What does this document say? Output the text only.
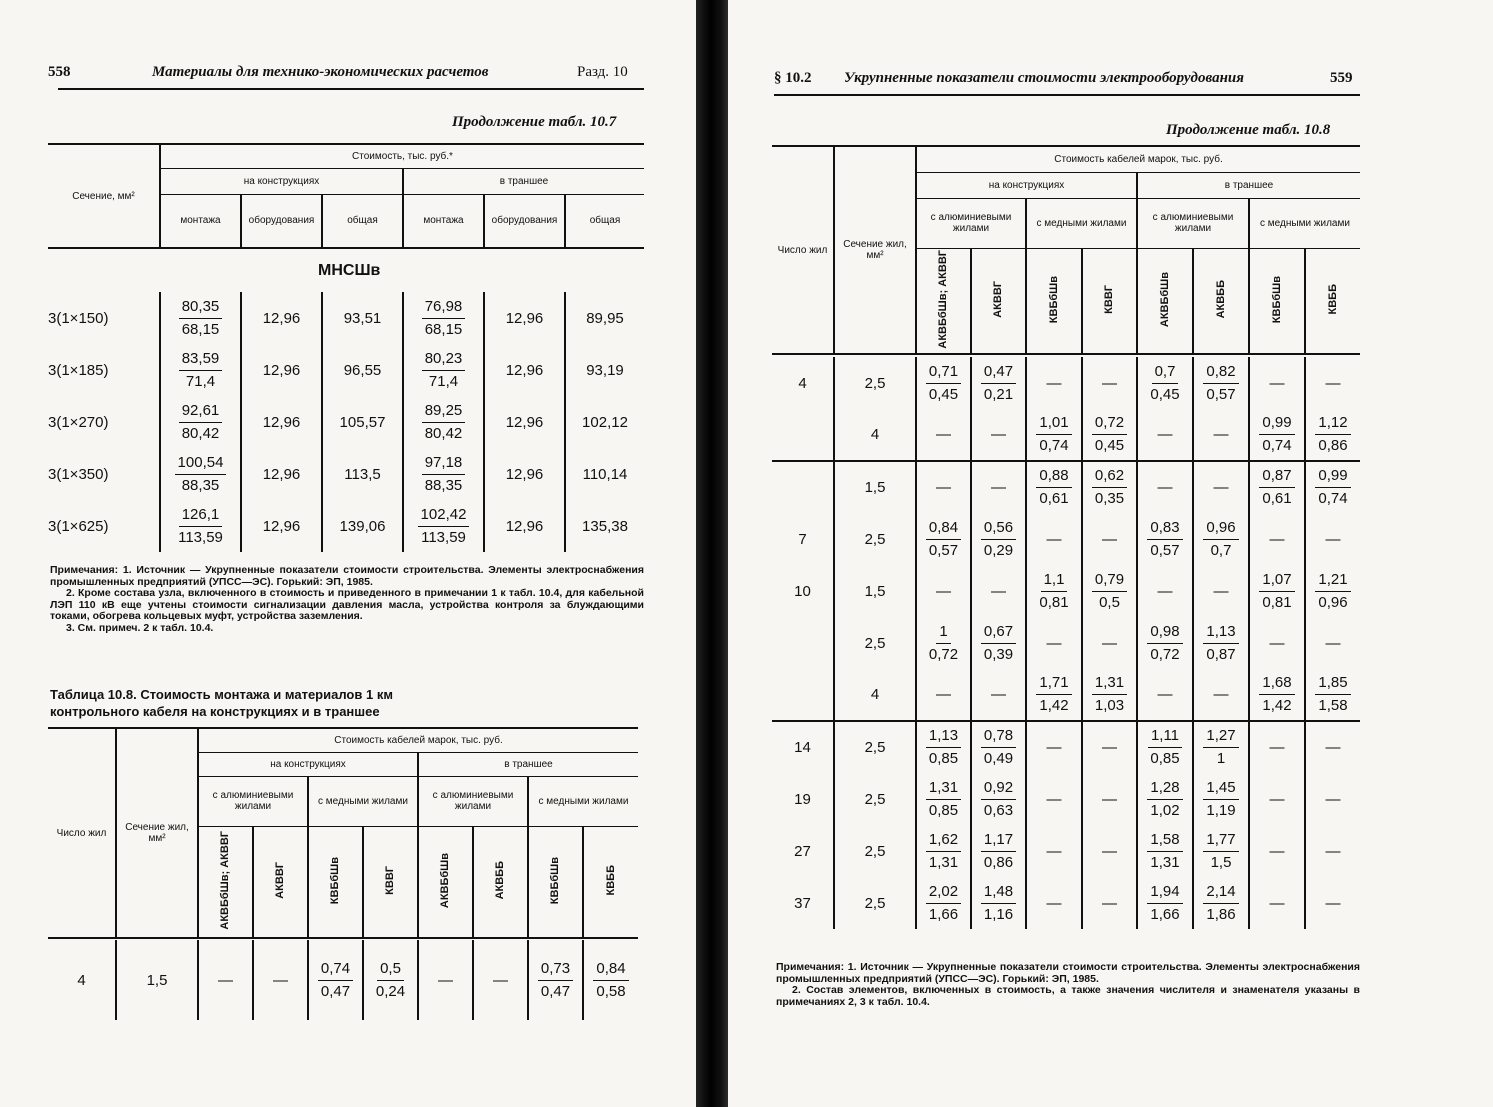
558	Материалы для технико-экономических расчетов	Разд. 10
Продолжение табл. 10.7
Сечение, мм²	Стоимость, тыс. руб.*					
	на конструкциях			в траншее		
	монтажа	оборудования	общая	монтажа	оборудования	общая
МНСШв
3(1×150)	$\frac{80,35}{68,15}$	12,96	93,51	$\frac{76,98}{68,15}$	12,96	89,95
3(1×185)	$\frac{83,59}{71,4}$	12,96	96,55	$\frac{80,23}{71,4}$	12,96	93,19
3(1×270)	$\frac{92,61}{80,42}$	12,96	105,57	$\frac{89,25}{80,42}$	12,96	102,12
3(1×350)	$\frac{100,54}{88,35}$	12,96	113,5	$\frac{97,18}{88,35}$	12,96	110,14
3(1×625)	$\frac{126,1}{113,59}$	12,96	139,06	$\frac{102,42}{113,59}$	12,96	135,38
Примечания: 1. Источник — Укрупненные показатели стоимости строительства. Элементы электроснабжения промышленных предприятий (УПСС—ЭС). Горький: ЭП, 1985.
2. Кроме состава узла, включенного в стоимость и приведенного в примечании 1 к табл. 10.4, для кабельной ЛЭП 110 кВ еще учтены стоимости сигнализации давления масла, устройства контроля за блуждающими токами, обогрева кольцевых муфт, устройства заземления.
3. См. примеч. 2 к табл. 10.4.
Таблица 10.8. Стоимость монтажа и материалов 1 км
контрольного кабеля на конструкциях и в траншее
Число жил	Сечение жил, мм²	Стоимость кабелей марок, тыс. руб.							
		на конструкциях				в траншее			
		с алюминиевыми жилами		с медными жилами		с алюминиевыми жилами		с медными жилами	
		АКВБбШв; АКВВГ	АКВВГ	КВБбШв	КВВГ	АКВБбШв	АКВББ	КВБбШв	КВББ
4	1,5	—	—	$\frac{0,74}{0,47}$	$\frac{0,5}{0,24}$	—	—	$\frac{0,73}{0,47}$	$\frac{0,84}{0,58}$
§ 10.2 Укрупненные показатели стоимости электрооборудования	559
Продолжение табл. 10.8
Число жил	Сечение жил, мм²	Стоимость кабелей марок, тыс. руб.							
		на конструкциях				в траншее			
		с алюминиевыми жилами		с медными жилами		с алюминиевыми жилами		с медными жилами	
		АКВБбШв; АКВВГ	АКВВГ	КВБбШв	КВВГ	АКВБбШв	АКВББ	КВБбШв	КВББ
4	2,5	$\frac{0,71}{0,45}$	$\frac{0,47}{0,21}$	—	—	$\frac{0,7}{0,45}$	$\frac{0,82}{0,57}$	—	—
	4	—	—	$\frac{1,01}{0,74}$	$\frac{0,72}{0,45}$	—	—	$\frac{0,99}{0,74}$	$\frac{1,12}{0,86}$

	1,5	—	—	$\frac{0,88}{0,61}$	$\frac{0,62}{0,35}$	—	—	$\frac{0,87}{0,61}$	$\frac{0,99}{0,74}$

7	2,5	$\frac{0,84}{0,57}$	$\frac{0,56}{0,29}$	—	—	$\frac{0,83}{0,57}$	$\frac{0,96}{0,7}$	—	—
10	1,5	—	—	$\frac{1,1}{0,81}$	$\frac{0,79}{0,5}$	—	—	$\frac{1,07}{0,81}$	$\frac{1,21}{0,96}$

	2,5	$\frac{1}{0,72}$	$\frac{0,67}{0,39}$	—	—	$\frac{0,98}{0,72}$	$\frac{1,13}{0,87}$	—	—
	4	—	—	$\frac{1,71}{1,42}$	$\frac{1,31}{1,03}$	—	—	$\frac{1,68}{1,42}$	$\frac{1,85}{1,58}$

14	2,5	$\frac{1,13}{0,85}$	$\frac{0,78}{0,49}$	—	—	$\frac{1,11}{0,85}$	$\frac{1,27}{1}$	—	—
19	2,5	$\frac{1,31}{0,85}$	$\frac{0,92}{0,63}$	—	—	$\frac{1,28}{1,02}$	$\frac{1,45}{1,19}$	—	—
27	2,5	$\frac{1,62}{1,31}$	$\frac{1,17}{0,86}$	—	—	$\frac{1,58}{1,31}$	$\frac{1,77}{1,5}$	—	—
37	2,5	$\frac{2,02}{1,66}$	$\frac{1,48}{1,16}$	—	—	$\frac{1,94}{1,66}$	$\frac{2,14}{1,86}$	—	—
Примечания: 1. Источник — Укрупненные показатели стоимости строительства. Элементы электроснабжения промышленных предприятий (УПСС—ЭС). Горький: ЭП, 1985.
2. Состав элементов, включенных в стоимость, а также значения числителя и знаменателя указаны в примечаниях 2, 3 к табл. 10.4.
